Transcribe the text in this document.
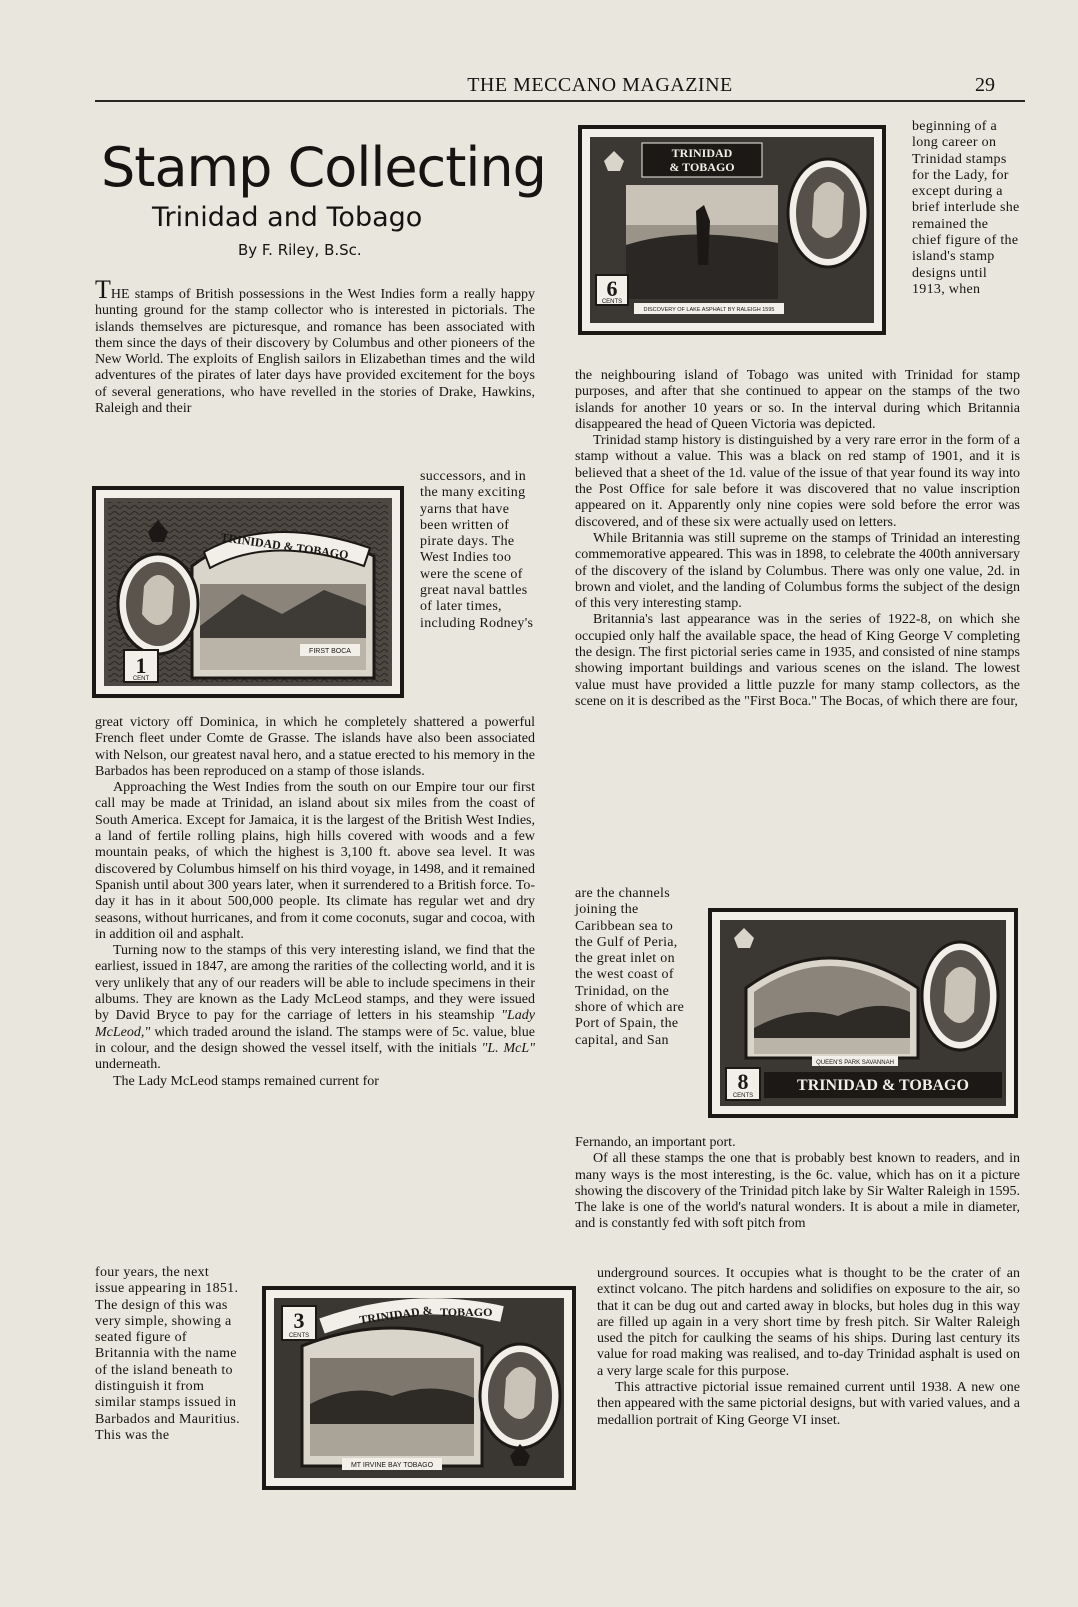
THE MECCANO MAGAZINE	29

Stamp Collecting
Trinidad and Tobago

By F. Riley, B.Sc.

THE stamps of British possessions in the West Indies form a really happy hunting ground for the stamp collector who is interested in pictorials. The islands themselves are picturesque, and romance has been associated with them since the days of their discovery by Columbus and other pioneers of the New World. The exploits of English sailors in Elizabethan times and the wild adventures of the pirates of later days have provided excitement for the boys of several generations, who have revelled in the stories of Drake, Hawkins, Raleigh and their

TRINIDAD & TOBAGO
FIRST BOCA
1
CENT

successors, and in the many exciting yarns that have been written of pirate days. The West Indies too were the scene of great naval battles of later times, including Rodney's

great victory off Dominica, in which he completely shattered a powerful French fleet under Comte de Grasse. The islands have also been associated with Nelson, our greatest naval hero, and a statue erected to his memory in the Barbados has been reproduced on a stamp of those islands.

Approaching the West Indies from the south on our Empire tour our first call may be made at Trinidad, an island about six miles from the coast of South America. Except for Jamaica, it is the largest of the British West Indies, a land of fertile rolling plains, high hills covered with woods and a few mountain peaks, of which the highest is 3,100 ft. above sea level. It was discovered by Columbus himself on his third voyage, in 1498, and it remained Spanish until about 300 years later, when it surrendered to a British force. To-day it has in it about 500,000 people. Its climate has regular wet and dry seasons, without hurricanes, and from it come coconuts, sugar and cocoa, with in addition oil and asphalt.

Turning now to the stamps of this very interesting island, we find that the earliest, issued in 1847, are among the rarities of the collecting world, and it is very unlikely that any of our readers will be able to include specimens in their albums. They are known as the Lady McLeod stamps, and they were issued by David Bryce to pay for the carriage of letters in his steamship "Lady McLeod," which traded around the island. The stamps were of 5c. value, blue in colour, and the design showed the vessel itself, with the initials "L. McL" underneath.

The Lady McLeod stamps remained current for

four years, the next issue appearing in 1851. The design of this was very simple, showing a seated figure of Britannia with the name of the island beneath to distinguish it from similar stamps issued in Barbados and Mauritius. This was the

3
CENTS
TRINIDAD & TOBAGO
MT IRVINE BAY TOBAGO
TRINIDAD
& TOBAGO
6
CENTS
DISCOVERY OF LAKE ASPHALT BY RALEIGH 1595

beginning of a long career on Trinidad stamps for the Lady, for except during a brief interlude she remained the chief figure of the island's stamp designs until 1913, when

the neighbouring island of Tobago was united with Trinidad for stamp purposes, and after that she continued to appear on the stamps of the two islands for another 10 years or so. In the interval during which Britannia disappeared the head of Queen Victoria was depicted.

Trinidad stamp history is distinguished by a very rare error in the form of a stamp without a value. This was a black on red stamp of 1901, and it is believed that a sheet of the 1d. value of the issue of that year found its way into the Post Office for sale before it was discovered that no value inscription appeared on it. Apparently only nine copies were sold before the error was discovered, and of these six were actually used on letters.

While Britannia was still supreme on the stamps of Trinidad an interesting commemorative appeared. This was in 1898, to celebrate the 400th anniversary of the discovery of the island by Columbus. There was only one value, 2d. in brown and violet, and the landing of Columbus forms the subject of the design of this very interesting stamp.

Britannia's last appearance was in the series of 1922-8, on which she occupied only half the available space, the head of King George V completing the design. The first pictorial series came in 1935, and consisted of nine stamps showing important buildings and various scenes on the island. The lowest value must have provided a little puzzle for many stamp collectors, as the scene on it is described as the "First Boca." The Bocas, of which there are four,

are the channels joining the Caribbean sea to the Gulf of Peria, the great inlet on the west coast of Trinidad, on the shore of which are Port of Spain, the capital, and San

QUEEN'S PARK SAVANNAH
8
CENTS
TRINIDAD & TOBAGO

Fernando, an important port.

Of all these stamps the one that is probably best known to readers, and in many ways is the most interesting, is the 6c. value, which has on it a picture showing the discovery of the Trinidad pitch lake by Sir Walter Raleigh in 1595. The lake is one of the world's natural wonders. It is about a mile in diameter, and is constantly fed with soft pitch from

underground sources. It occupies what is thought to be the crater of an extinct volcano. The pitch hardens and solidifies on exposure to the air, so that it can be dug out and carted away in blocks, but holes dug in this way are filled up again in a very short time by fresh pitch. Sir Walter Raleigh used the pitch for caulking the seams of his ships. During last century its value for road making was realised, and to-day Trinidad asphalt is used on a very large scale for this purpose.

This attractive pictorial issue remained current until 1938. A new one then appeared with the same pictorial designs, but with varied values, and a medallion portrait of King George VI inset.
